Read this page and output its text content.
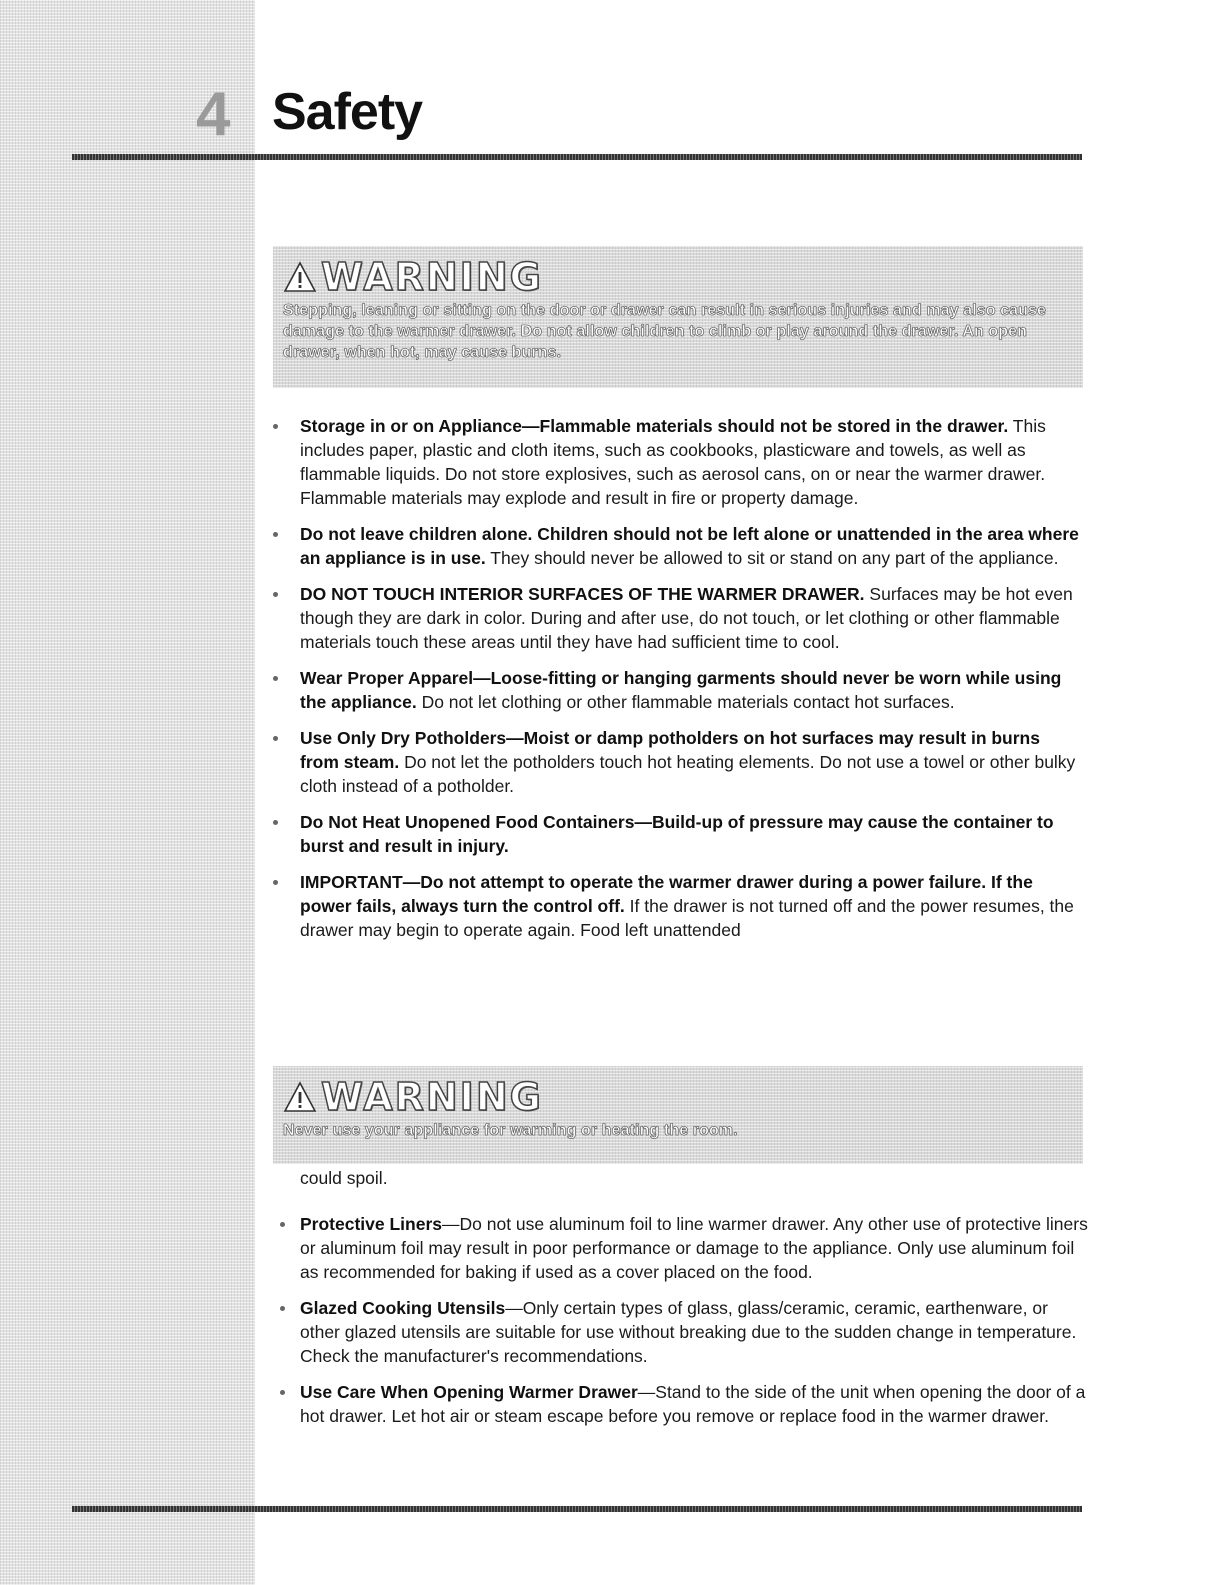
4 Safety
WARNING
Stepping, leaning or sitting on the door or drawer can result in serious injuries and may also cause damage to the warmer drawer. Do not allow children to climb or play around the drawer. An open drawer, when hot, may cause burns.
Storage in or on Appliance—Flammable materials should not be stored in the drawer. This includes paper, plastic and cloth items, such as cookbooks, plasticware and towels, as well as flammable liquids. Do not store explosives, such as aerosol cans, on or near the warmer drawer. Flammable materials may explode and result in fire or property damage.
Do not leave children alone. Children should not be left alone or unattended in the area where an appliance is in use. They should never be allowed to sit or stand on any part of the appliance.
DO NOT TOUCH INTERIOR SURFACES OF THE WARMER DRAWER. Surfaces may be hot even though they are dark in color. During and after use, do not touch, or let clothing or other flammable materials touch these areas until they have had sufficient time to cool.
Wear Proper Apparel—Loose-fitting or hanging garments should never be worn while using the appliance. Do not let clothing or other flammable materials contact hot surfaces.
Use Only Dry Potholders—Moist or damp potholders on hot surfaces may result in burns from steam. Do not let the potholders touch hot heating elements. Do not use a towel or other bulky cloth instead of a potholder.
Do Not Heat Unopened Food Containers—Build-up of pressure may cause the container to burst and result in injury.
IMPORTANT—Do not attempt to operate the warmer drawer during a power failure. If the power fails, always turn the control off. If the drawer is not turned off and the power resumes, the drawer may begin to operate again. Food left unattended
WARNING
Never use your appliance for warming or heating the room.
could spoil.
Protective Liners—Do not use aluminum foil to line warmer drawer. Any other use of protective liners or aluminum foil may result in poor performance or damage to the appliance. Only use aluminum foil as recommended for baking if used as a cover placed on the food.
Glazed Cooking Utensils—Only certain types of glass, glass/ceramic, ceramic, earthenware, or other glazed utensils are suitable for use without breaking due to the sudden change in temperature. Check the manufacturer's recommendations.
Use Care When Opening Warmer Drawer—Stand to the side of the unit when opening the door of a hot drawer. Let hot air or steam escape before you remove or replace food in the warmer drawer.
